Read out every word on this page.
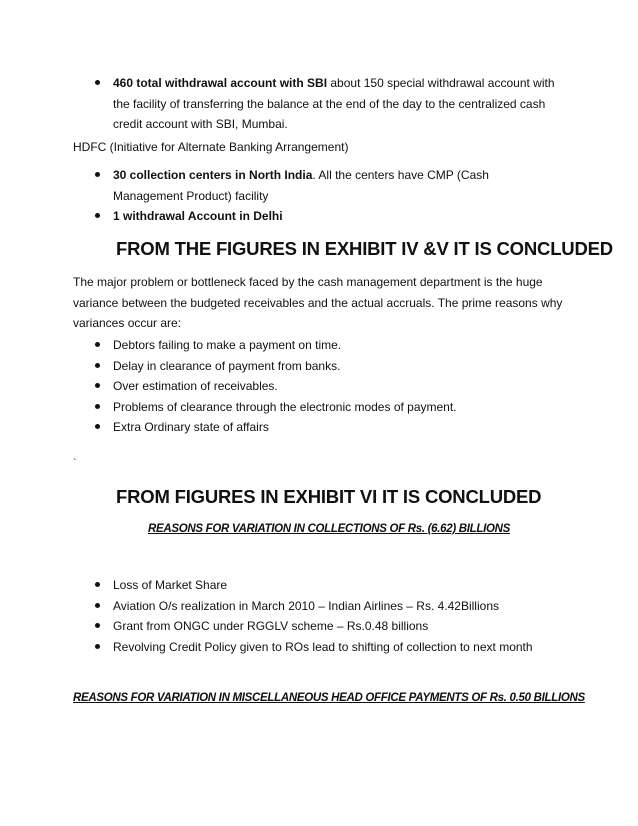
460 total withdrawal account with SBI about 150 special withdrawal account with the facility of transferring the balance at the end of the day to the centralized cash credit account with SBI, Mumbai.
HDFC (Initiative for Alternate Banking Arrangement)
30 collection centers in North India. All the centers have CMP (Cash Management Product) facility
1 withdrawal Account in Delhi
FROM THE FIGURES IN EXHIBIT IV &V IT IS CONCLUDED
The major problem or bottleneck faced by the cash management department is the huge variance between the budgeted receivables and the actual accruals. The prime reasons why variances occur are:
Debtors failing to make a payment on time.
Delay in clearance of payment from banks.
Over estimation of receivables.
Problems of clearance through the electronic modes of payment.
Extra Ordinary state of affairs
`
FROM FIGURES IN EXHIBIT VI IT IS CONCLUDED
REASONS FOR VARIATION IN COLLECTIONS OF Rs. (6.62) BILLIONS
Loss of Market Share
Aviation O/s realization in March 2010 – Indian Airlines – Rs. 4.42Billions
Grant from ONGC under RGGLV scheme – Rs.0.48 billions
Revolving Credit Policy given to ROs lead to shifting of collection to next month
REASONS FOR VARIATION IN MISCELLANEOUS HEAD OFFICE PAYMENTS OF Rs. 0.50 BILLIONS
